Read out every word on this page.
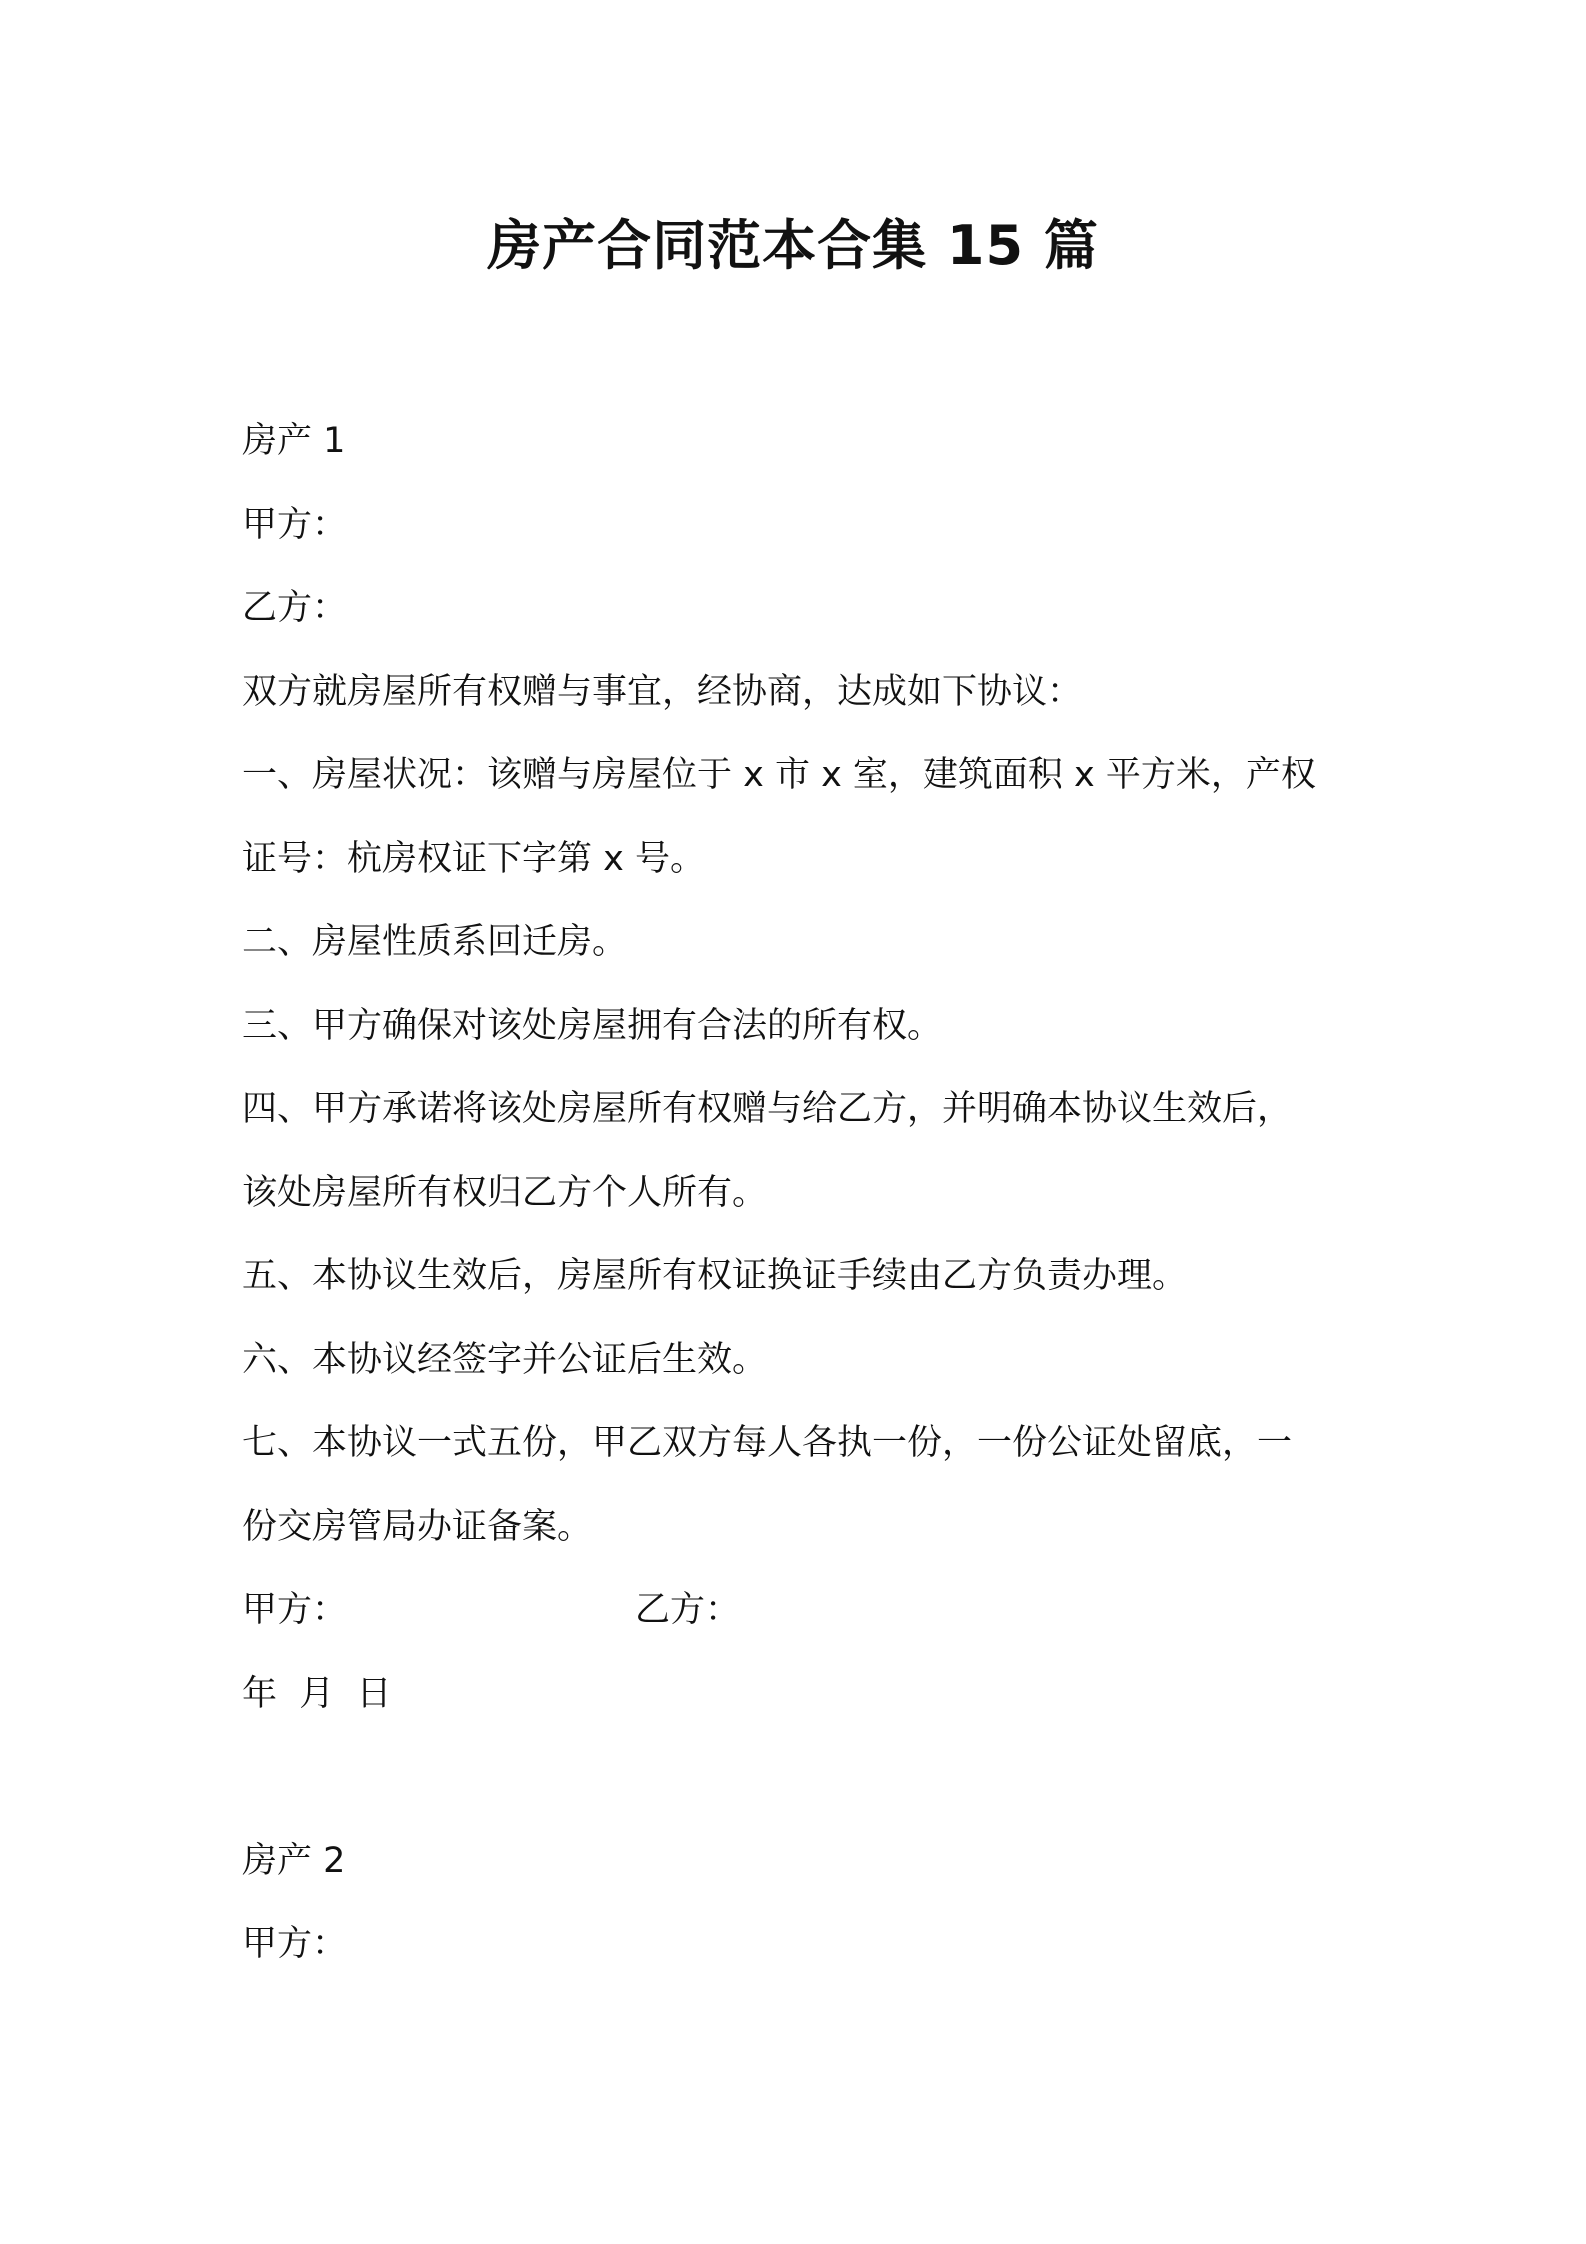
房产合同范本合集 15 篇

房产 1

甲方：

乙方：

双方就房屋所有权赠与事宜，经协商，达成如下协议：

一、房屋状况：该赠与房屋位于 x 市 x 室，建筑面积 x 平方米，产权

证号：杭房权证下字第 x 号。

二、房屋性质系回迁房。

三、甲方确保对该处房屋拥有合法的所有权。

四、甲方承诺将该处房屋所有权赠与给乙方，并明确本协议生效后，

该处房屋所有权归乙方个人所有。

五、本协议生效后，房屋所有权证换证手续由乙方负责办理。

六、本协议经签字并公证后生效。

七、本协议一式五份，甲乙双方每人各执一份，一份公证处留底，一

份交房管局办证备案。

甲方：	乙方：
年  月  日

房产 2

甲方：
